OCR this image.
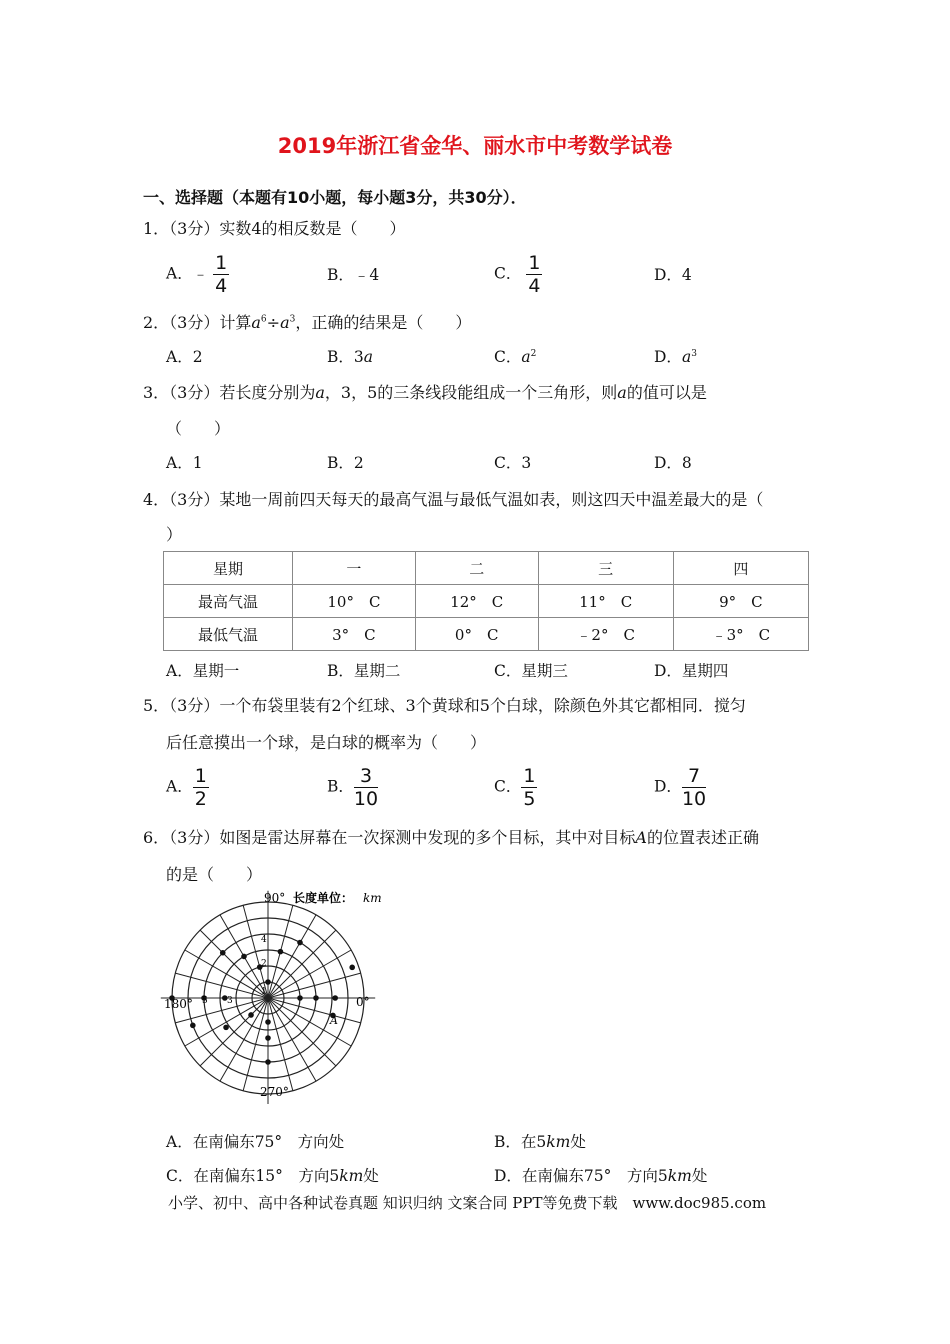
2019年浙江省金华、丽水市中考数学试卷
一、选择题（本题有10小题，每小题3分，共30分）．
1．（3分）实数4的相反数是（　　）
A．﹣ $\frac{1}{4}$	B．﹣4	C． $\frac{1}{4}$	D．4
2．（3分）计算$a^6\div a^3$，正确的结果是（　　）
A．2	B．3a	C．$a^2$	D．$a^3$
3．（3分）若长度分别为a，3，5的三条线段能组成一个三角形，则a的值可以是
（　　）
A．1	B．2	C．3	D．8
4．（3分）某地一周前四天每天的最高气温与最低气温如表，则这四天中温差最大的是（
）
星期	一	二	三	四
最高气温	10°　C	12°　C	11°　C	9°　C
最低气温	3°　C	0°　C	﹣2°　C	﹣3°　C
A．星期一	B．星期二	C．星期三	D．星期四
5．（3分）一个布袋里装有2个红球、3个黄球和5个白球，除颜色外其它都相同．搅匀
后任意摸出一个球，是白球的概率为（　　）
A． $\frac{1}{2}$	B． $\frac{3}{10}$	C． $\frac{1}{5}$	D． $\frac{7}{10}$
6．（3分）如图是雷达屏幕在一次探测中发现的多个目标，其中对目标A的位置表述正确
的是（　　）
90° 长度单位： km
180°	0°
270°
A
1
2
3
4
5
A．在南偏东75°　方向处	B．在5km处
C．在南偏东15°　方向5km处	D．在南偏东75°　方向5km处
小学、初中、高中各种试卷真题 知识归纳 文案合同 PPT等免费下载　www.doc985.com
